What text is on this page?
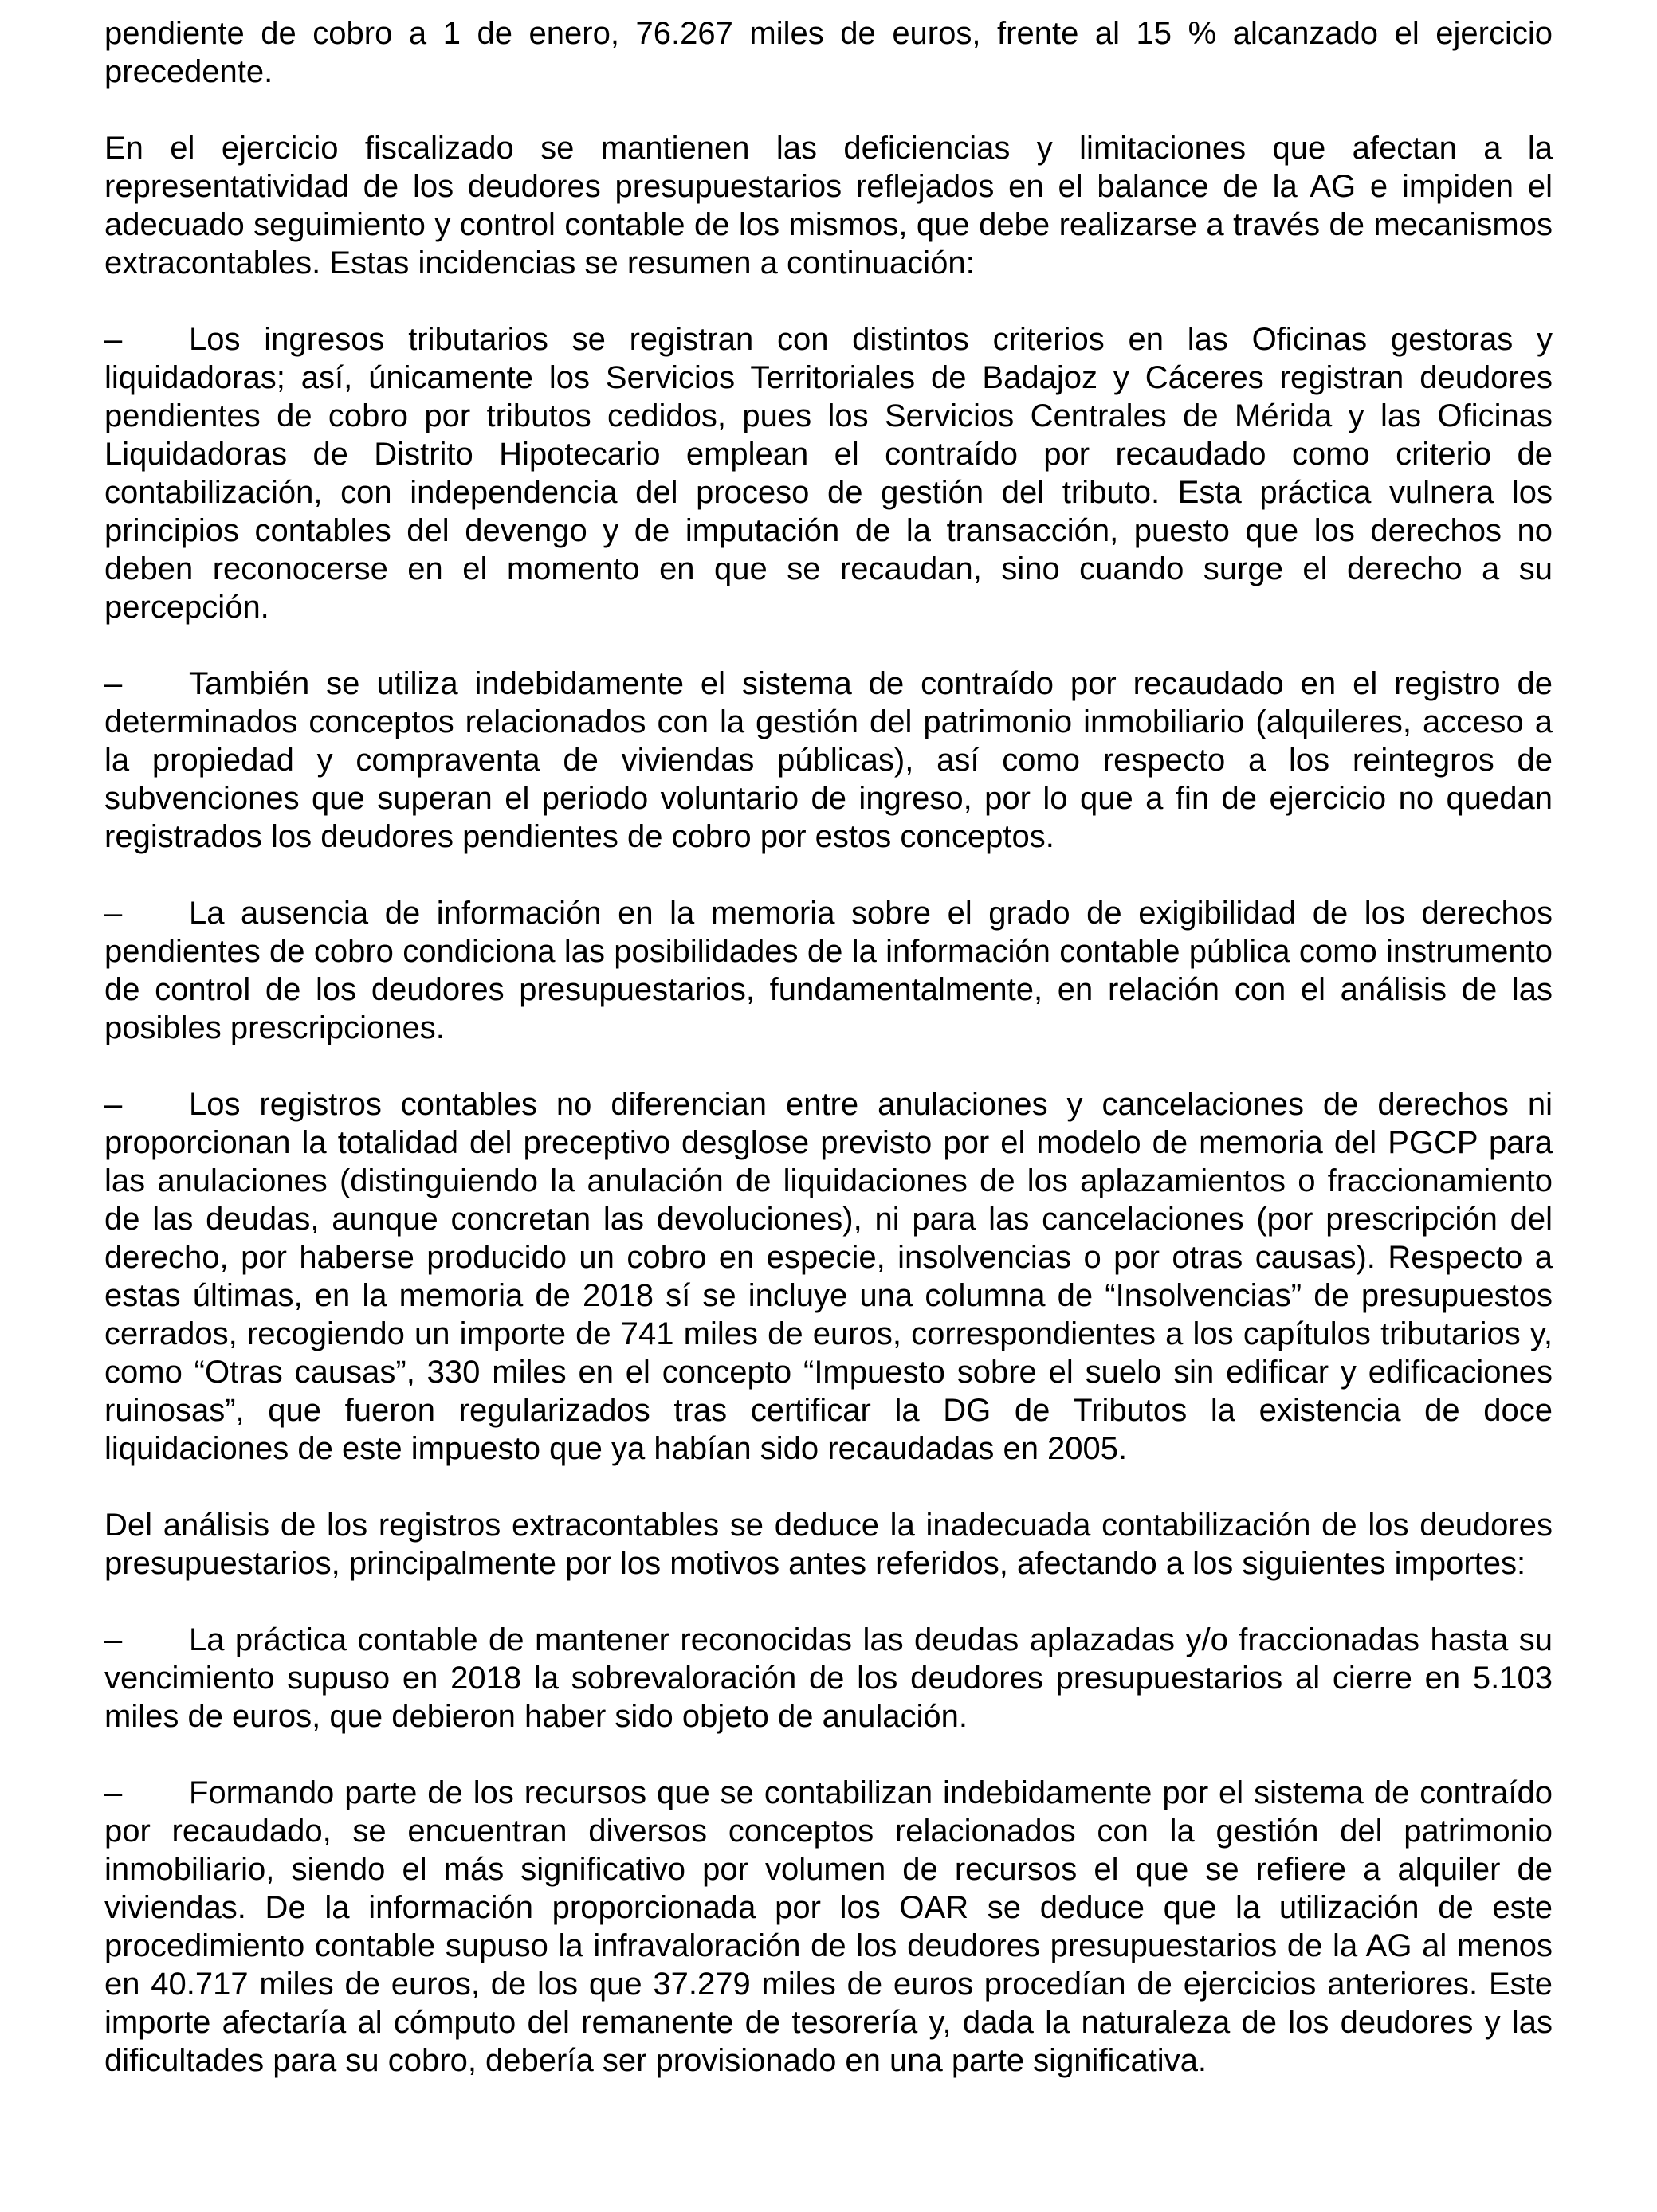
pendiente de cobro a 1 de enero, 76.267 miles de euros, frente al 15 % alcanzado el ejercicio precedente.

En el ejercicio fiscalizado se mantienen las deficiencias y limitaciones que afectan a la representatividad de los deudores presupuestarios reflejados en el balance de la AG e impiden el adecuado seguimiento y control contable de los mismos, que debe realizarse a través de mecanismos extracontables. Estas incidencias se resumen a continuación:

– Los ingresos tributarios se registran con distintos criterios en las Oficinas gestoras y liquidadoras; así, únicamente los Servicios Territoriales de Badajoz y Cáceres registran deudores pendientes de cobro por tributos cedidos, pues los Servicios Centrales de Mérida y las Oficinas Liquidadoras de Distrito Hipotecario emplean el contraído por recaudado como criterio de contabilización, con independencia del proceso de gestión del tributo. Esta práctica vulnera los principios contables del devengo y de imputación de la transacción, puesto que los derechos no deben reconocerse en el momento en que se recaudan, sino cuando surge el derecho a su percepción.

– También se utiliza indebidamente el sistema de contraído por recaudado en el registro de determinados conceptos relacionados con la gestión del patrimonio inmobiliario (alquileres, acceso a la propiedad y compraventa de viviendas públicas), así como respecto a los reintegros de subvenciones que superan el periodo voluntario de ingreso, por lo que a fin de ejercicio no quedan registrados los deudores pendientes de cobro por estos conceptos.

– La ausencia de información en la memoria sobre el grado de exigibilidad de los derechos pendientes de cobro condiciona las posibilidades de la información contable pública como instrumento de control de los deudores presupuestarios, fundamentalmente, en relación con el análisis de las posibles prescripciones.

– Los registros contables no diferencian entre anulaciones y cancelaciones de derechos ni proporcionan la totalidad del preceptivo desglose previsto por el modelo de memoria del PGCP para las anulaciones (distinguiendo la anulación de liquidaciones de los aplazamientos o fraccionamiento de las deudas, aunque concretan las devoluciones), ni para las cancelaciones (por prescripción del derecho, por haberse producido un cobro en especie, insolvencias o por otras causas). Respecto a estas últimas, en la memoria de 2018 sí se incluye una columna de “Insolvencias” de presupuestos cerrados, recogiendo un importe de 741 miles de euros, correspondientes a los capítulos tributarios y, como “Otras causas”, 330 miles en el concepto “Impuesto sobre el suelo sin edificar y edificaciones ruinosas”, que fueron regularizados tras certificar la DG de Tributos la existencia de doce liquidaciones de este impuesto que ya habían sido recaudadas en 2005.

Del análisis de los registros extracontables se deduce la inadecuada contabilización de los deudores presupuestarios, principalmente por los motivos antes referidos, afectando a los siguientes importes:

– La práctica contable de mantener reconocidas las deudas aplazadas y/o fraccionadas hasta su vencimiento supuso en 2018 la sobrevaloración de los deudores presupuestarios al cierre en 5.103 miles de euros, que debieron haber sido objeto de anulación.

– Formando parte de los recursos que se contabilizan indebidamente por el sistema de contraído por recaudado, se encuentran diversos conceptos relacionados con la gestión del patrimonio inmobiliario, siendo el más significativo por volumen de recursos el que se refiere a alquiler de viviendas. De la información proporcionada por los OAR se deduce que la utilización de este procedimiento contable supuso la infravaloración de los deudores presupuestarios de la AG al menos en 40.717 miles de euros, de los que 37.279 miles de euros procedían de ejercicios anteriores. Este importe afectaría al cómputo del remanente de tesorería y, dada la naturaleza de los deudores y las dificultades para su cobro, debería ser provisionado en una parte significativa.
